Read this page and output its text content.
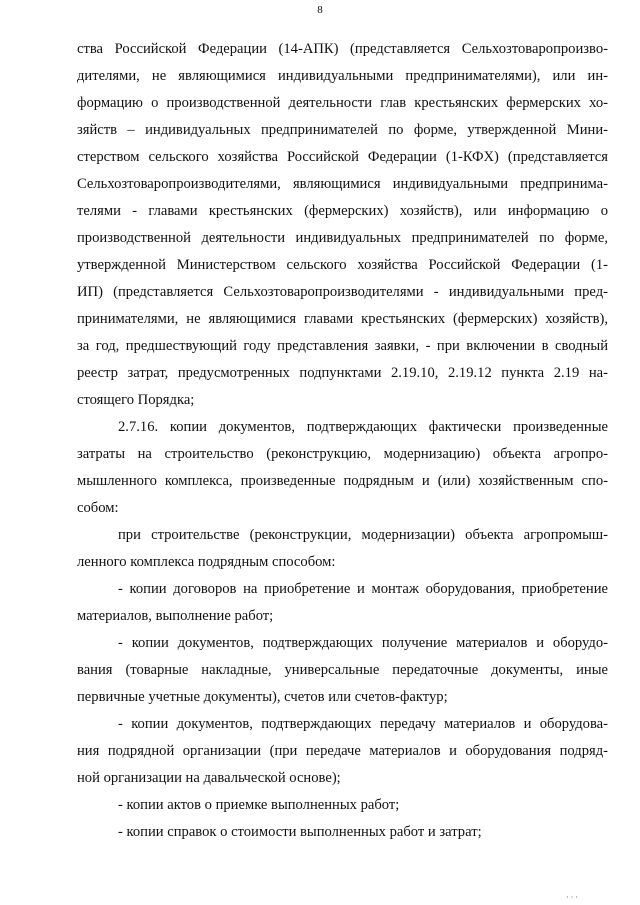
8
ства Российской Федерации (14-АПК) (представляется Сельхозтоваропроизво-
дителями, не являющимися индивидуальными предпринимателями), или ин-
формацию о производственной деятельности глав крестьянских фермерских хо-
зяйств – индивидуальных предпринимателей по форме, утвержденной Мини-
стерством сельского хозяйства Российской Федерации (1-КФХ) (представляется
Сельхозтоваропроизводителями, являющимися индивидуальными предпринима-
телями - главами крестьянских (фермерских) хозяйств), или информацию о
производственной деятельности индивидуальных предпринимателей по форме,
утвержденной Министерством сельского хозяйства Российской Федерации (1-
ИП) (представляется Сельхозтоваропроизводителями - индивидуальными пред-
принимателями, не являющимися главами крестьянских (фермерских) хозяйств),
за год, предшествующий году представления заявки, - при включении в сводный
реестр затрат, предусмотренных подпунктами 2.19.10, 2.19.12 пункта 2.19 на-
стоящего Порядка;
2.7.16. копии документов, подтверждающих фактически произведенные
затраты на строительство (реконструкцию, модернизацию) объекта агропро-
мышленного комплекса, произведенные подрядным и (или) хозяйственным спо-
собом:
при строительстве (реконструкции, модернизации) объекта агропромыш-
ленного комплекса подрядным способом:
- копии договоров на приобретение и монтаж оборудования, приобретение
материалов, выполнение работ;
- копии документов, подтверждающих получение материалов и оборудо-
вания (товарные накладные, универсальные передаточные документы, иные
первичные учетные документы), счетов или счетов-фактур;
- копии документов, подтверждающих передачу материалов и оборудова-
ния подрядной организации (при передаче материалов и оборудования подряд-
ной организации на давальческой основе);
- копии актов о приемке выполненных работ;
- копии справок о стоимости выполненных работ и затрат;
· · ·
